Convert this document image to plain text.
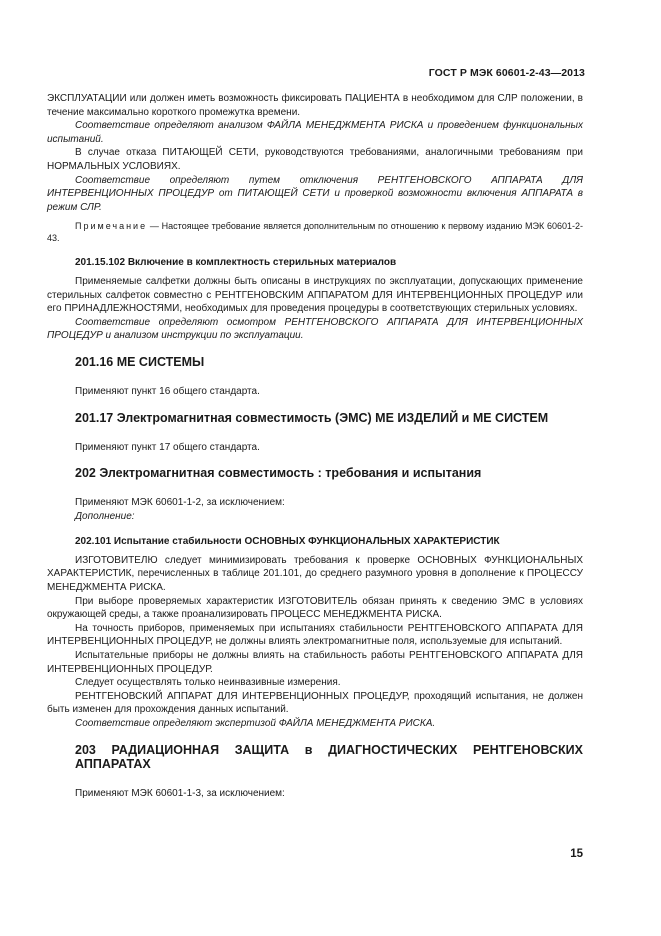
ГОСТ Р МЭК 60601-2-43—2013

ЭКСПЛУАТАЦИИ или должен иметь возможность фиксировать ПАЦИЕНТА в необходимом для СЛР положении, в течение максимально короткого промежутка времени.

Соответствие определяют анализом ФАЙЛА МЕНЕДЖМЕНТА РИСКА и проведением функциональных испытаний.

В случае отказа ПИТАЮЩЕЙ СЕТИ, руководствуются требованиями, аналогичными требованиям при НОРМАЛЬНЫХ УСЛОВИЯХ.

Соответствие определяют путем отключения РЕНТГЕНОВСКОГО АППАРАТА ДЛЯ ИНТЕРВЕНЦИОННЫХ ПРОЦЕДУР от ПИТАЮЩЕЙ СЕТИ и проверкой возможности включения АППАРАТА в режим СЛР.

Примечание — Настоящее требование является дополнительным по отношению к первому изданию МЭК 60601-2-43.

201.15.102 Включение в комплектность стерильных материалов

Применяемые салфетки должны быть описаны в инструкциях по эксплуатации, допускающих применение стерильных салфеток совместно с РЕНТГЕНОВСКИМ АППАРАТОМ ДЛЯ ИНТЕРВЕНЦИОННЫХ ПРОЦЕДУР или его ПРИНАДЛЕЖНОСТЯМИ, необходимых для проведения процедуры в соответствующих стерильных условиях.

Соответствие определяют осмотром РЕНТГЕНОВСКОГО АППАРАТА ДЛЯ ИНТЕРВЕНЦИОННЫХ ПРОЦЕДУР и анализом инструкции по эксплуатации.

201.16 МЕ СИСТЕМЫ

Применяют пункт 16 общего стандарта.

201.17 Электромагнитная совместимость (ЭМС) МЕ ИЗДЕЛИЙ и МЕ СИСТЕМ

Применяют пункт 17 общего стандарта.

202 Электромагнитная совместимость : требования и испытания

Применяют МЭК 60601-1-2, за исключением:

Дополнение:

202.101 Испытание стабильности ОСНОВНЫХ ФУНКЦИОНАЛЬНЫХ ХАРАКТЕРИСТИК

ИЗГОТОВИТЕЛЮ следует минимизировать требования к проверке ОСНОВНЫХ ФУНКЦИОНАЛЬНЫХ ХАРАКТЕРИСТИК, перечисленных в таблице 201.101, до среднего разумного уровня в дополнение к ПРОЦЕССУ МЕНЕДЖМЕНТА РИСКА.

При выборе проверяемых характеристик ИЗГОТОВИТЕЛЬ обязан принять к сведению ЭМС в условиях окружающей среды, а также проанализировать ПРОЦЕСС МЕНЕДЖМЕНТА РИСКА.

На точность приборов, применяемых при испытаниях стабильности РЕНТГЕНОВСКОГО АППАРАТА ДЛЯ ИНТЕРВЕНЦИОННЫХ ПРОЦЕДУР, не должны влиять электромагнитные поля, используемые для испытаний.

Испытательные приборы не должны влиять на стабильность работы РЕНТГЕНОВСКОГО АППАРАТА ДЛЯ ИНТЕРВЕНЦИОННЫХ ПРОЦЕДУР.

Следует осуществлять только неинвазивные измерения.

РЕНТГЕНОВСКИЙ АППАРАТ ДЛЯ ИНТЕРВЕНЦИОННЫХ ПРОЦЕДУР, проходящий испытания, не должен быть изменен для прохождения данных испытаний.

Соответствие определяют экспертизой ФАЙЛА МЕНЕДЖМЕНТА РИСКА.

203 РАДИАЦИОННАЯ ЗАЩИТА в ДИАГНОСТИЧЕСКИХ РЕНТГЕНОВСКИХ АППАРАТАХ

Применяют МЭК 60601-1-3, за исключением:

15
